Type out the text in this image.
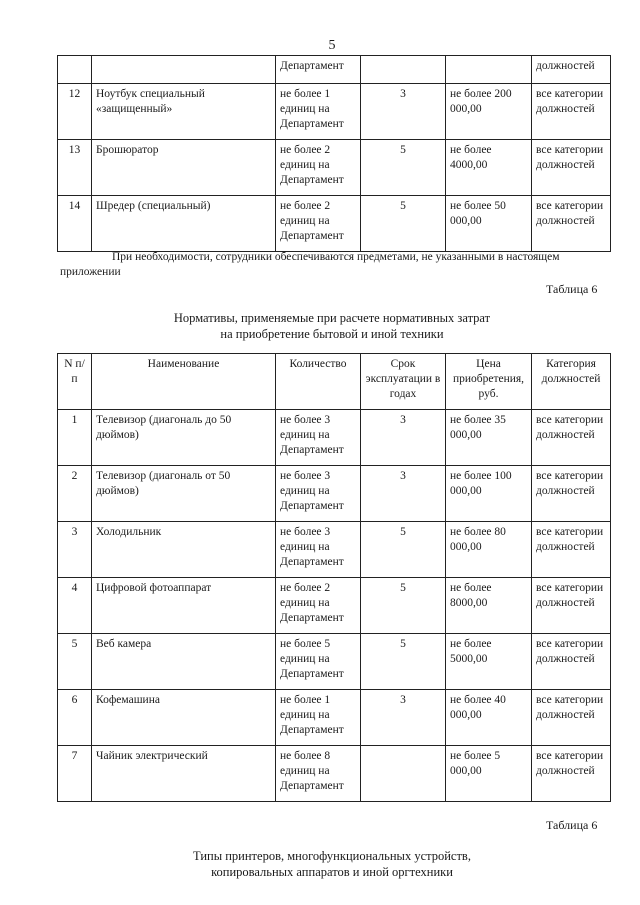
5
		Департамент			должностей
12	Ноутбук специальный «защищенный»	не более 1 единиц на Департамент	3	не более 200 000,00	все категории должностей
13	Брошюратор	не более 2 единиц на Департамент	5	не более 4000,00	все категории должностей
14	Шредер (специальный)	не более 2 единиц на Департамент	5	не более 50 000,00	все категории должностей
При необходимости, сотрудники обеспечиваются предметами, не указанными в настоящем приложении
Таблица 6
Нормативы, применяемые при расчете нормативных затрат
на приобретение бытовой и иной техники
N п/п	Наименование	Количество	Срок эксплуатации в годах	Цена приобретения, руб.	Категория должностей
1	Телевизор (диагональ до 50 дюймов)	не более 3 единиц на Департамент	3	не более 35 000,00	все категории должностей
2	Телевизор (диагональ от 50 дюймов)	не более 3 единиц на Департамент	3	не более 100 000,00	все категории должностей
3	Холодильник	не более 3 единиц на Департамент	5	не более 80 000,00	все категории должностей
4	Цифровой фотоаппарат	не более 2 единиц на Департамент	5	не более 8000,00	все категории должностей
5	Веб камера	не более 5 единиц на Департамент	5	не более 5000,00	все категории должностей
6	Кофемашина	не более 1 единиц на Департамент	3	не более 40 000,00	все категории должностей
7	Чайник электрический	не более 8 единиц на Департамент		не более 5 000,00	все категории должностей
Таблица 6
Типы принтеров, многофункциональных устройств,
копировальных аппаратов и иной оргтехники
